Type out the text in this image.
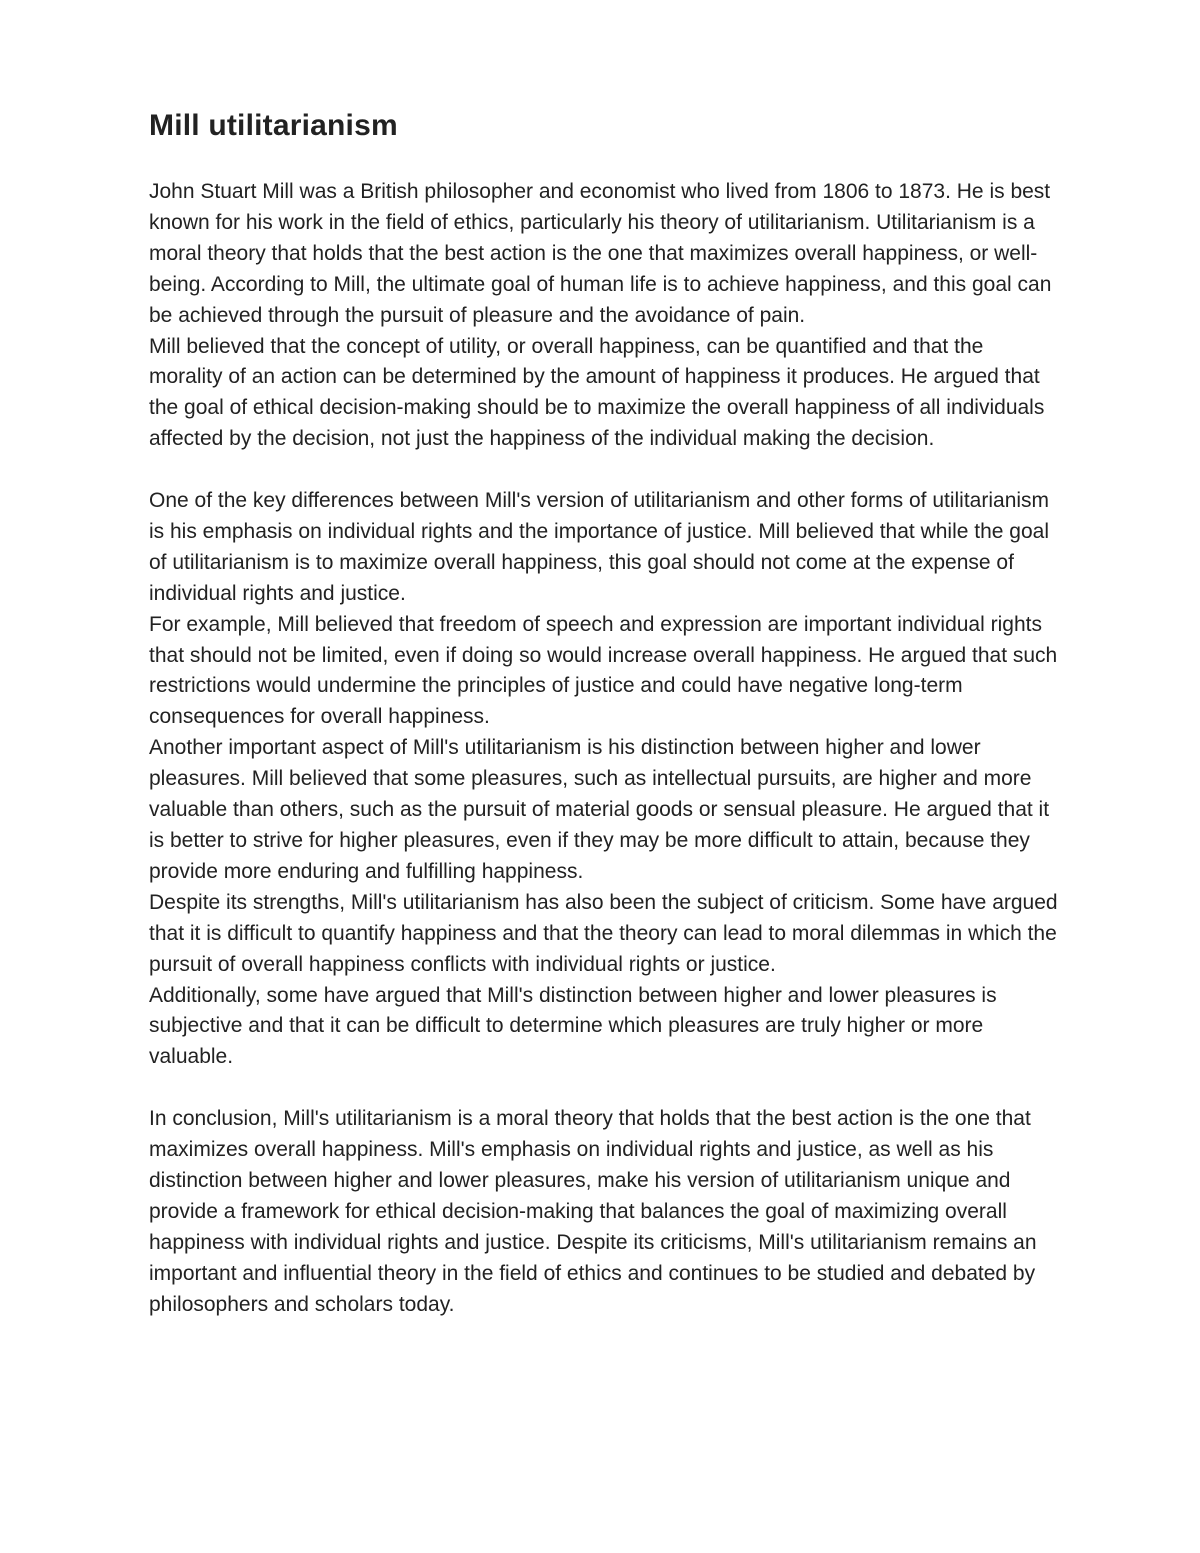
Mill utilitarianism

John Stuart Mill was a British philosopher and economist who lived from 1806 to 1873. He is best known for his work in the field of ethics, particularly his theory of utilitarianism. Utilitarianism is a moral theory that holds that the best action is the one that maximizes overall happiness, or well-being. According to Mill, the ultimate goal of human life is to achieve happiness, and this goal can be achieved through the pursuit of pleasure and the avoidance of pain.

Mill believed that the concept of utility, or overall happiness, can be quantified and that the morality of an action can be determined by the amount of happiness it produces. He argued that the goal of ethical decision-making should be to maximize the overall happiness of all individuals affected by the decision, not just the happiness of the individual making the decision.

One of the key differences between Mill's version of utilitarianism and other forms of utilitarianism is his emphasis on individual rights and the importance of justice. Mill believed that while the goal of utilitarianism is to maximize overall happiness, this goal should not come at the expense of individual rights and justice.

For example, Mill believed that freedom of speech and expression are important individual rights that should not be limited, even if doing so would increase overall happiness. He argued that such restrictions would undermine the principles of justice and could have negative long-term consequences for overall happiness.

Another important aspect of Mill's utilitarianism is his distinction between higher and lower pleasures. Mill believed that some pleasures, such as intellectual pursuits, are higher and more valuable than others, such as the pursuit of material goods or sensual pleasure. He argued that it is better to strive for higher pleasures, even if they may be more difficult to attain, because they provide more enduring and fulfilling happiness.

Despite its strengths, Mill's utilitarianism has also been the subject of criticism. Some have argued that it is difficult to quantify happiness and that the theory can lead to moral dilemmas in which the pursuit of overall happiness conflicts with individual rights or justice.

Additionally, some have argued that Mill's distinction between higher and lower pleasures is subjective and that it can be difficult to determine which pleasures are truly higher or more valuable.

In conclusion, Mill's utilitarianism is a moral theory that holds that the best action is the one that maximizes overall happiness. Mill's emphasis on individual rights and justice, as well as his distinction between higher and lower pleasures, make his version of utilitarianism unique and provide a framework for ethical decision-making that balances the goal of maximizing overall happiness with individual rights and justice. Despite its criticisms, Mill's utilitarianism remains an important and influential theory in the field of ethics and continues to be studied and debated by philosophers and scholars today.
